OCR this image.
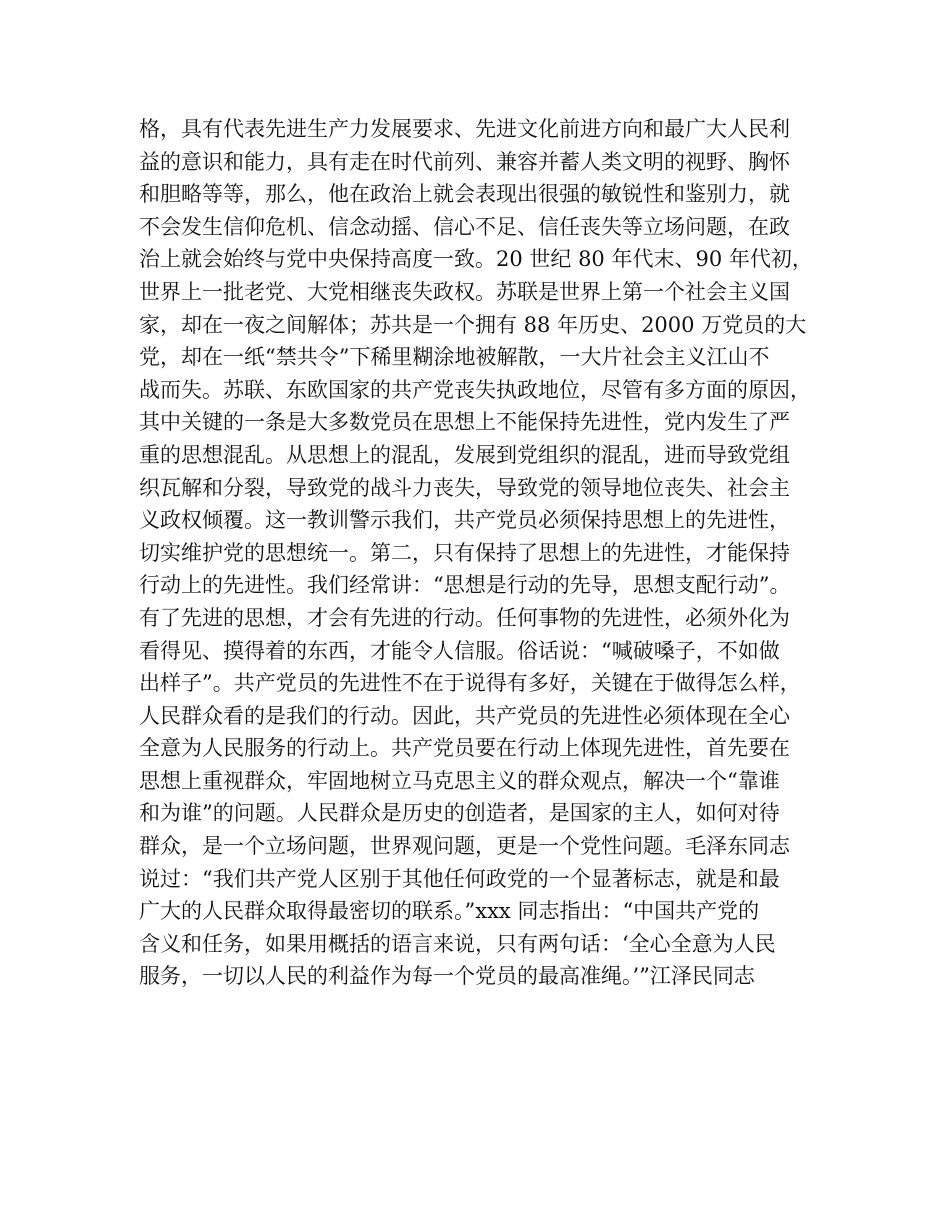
格，具有代表先进生产力发展要求、先进文化前进方向和最广大人民利
益的意识和能力，具有走在时代前列、兼容并蓄人类文明的视野、胸怀
和胆略等等，那么，他在政治上就会表现出很强的敏锐性和鉴别力，就
不会发生信仰危机、信念动摇、信心不足、信任丧失等立场问题，在政
治上就会始终与党中央保持高度一致。20 世纪 80 年代末、90 年代初，
世界上一批老党、大党相继丧失政权。苏联是世界上第一个社会主义国
家，却在一夜之间解体；苏共是一个拥有 88 年历史、2000 万党员的大
党，却在一纸“禁共令”下稀里糊涂地被解散，一大片社会主义江山不
战而失。苏联、东欧国家的共产党丧失执政地位，尽管有多方面的原因，
其中关键的一条是大多数党员在思想上不能保持先进性，党内发生了严
重的思想混乱。从思想上的混乱，发展到党组织的混乱，进而导致党组
织瓦解和分裂，导致党的战斗力丧失，导致党的领导地位丧失、社会主
义政权倾覆。这一教训警示我们，共产党员必须保持思想上的先进性，
切实维护党的思想统一。第二，只有保持了思想上的先进性，才能保持
行动上的先进性。我们经常讲：“思想是行动的先导，思想支配行动”。
有了先进的思想，才会有先进的行动。任何事物的先进性，必须外化为
看得见、摸得着的东西，才能令人信服。俗话说：“喊破嗓子，不如做
出样子”。共产党员的先进性不在于说得有多好，关键在于做得怎么样，
人民群众看的是我们的行动。因此，共产党员的先进性必须体现在全心
全意为人民服务的行动上。共产党员要在行动上体现先进性，首先要在
思想上重视群众，牢固地树立马克思主义的群众观点，解决一个“靠谁
和为谁”的问题。人民群众是历史的创造者，是国家的主人，如何对待
群众，是一个立场问题，世界观问题，更是一个党性问题。毛泽东同志
说过：“我们共产党人区别于其他任何政党的一个显著标志，就是和最
广大的人民群众取得最密切的联系。”xxx 同志指出：“中国共产党的
含义和任务，如果用概括的语言来说，只有两句话：‘全心全意为人民
服务，一切以人民的利益作为每一个党员的最高准绳。’”江泽民同志
